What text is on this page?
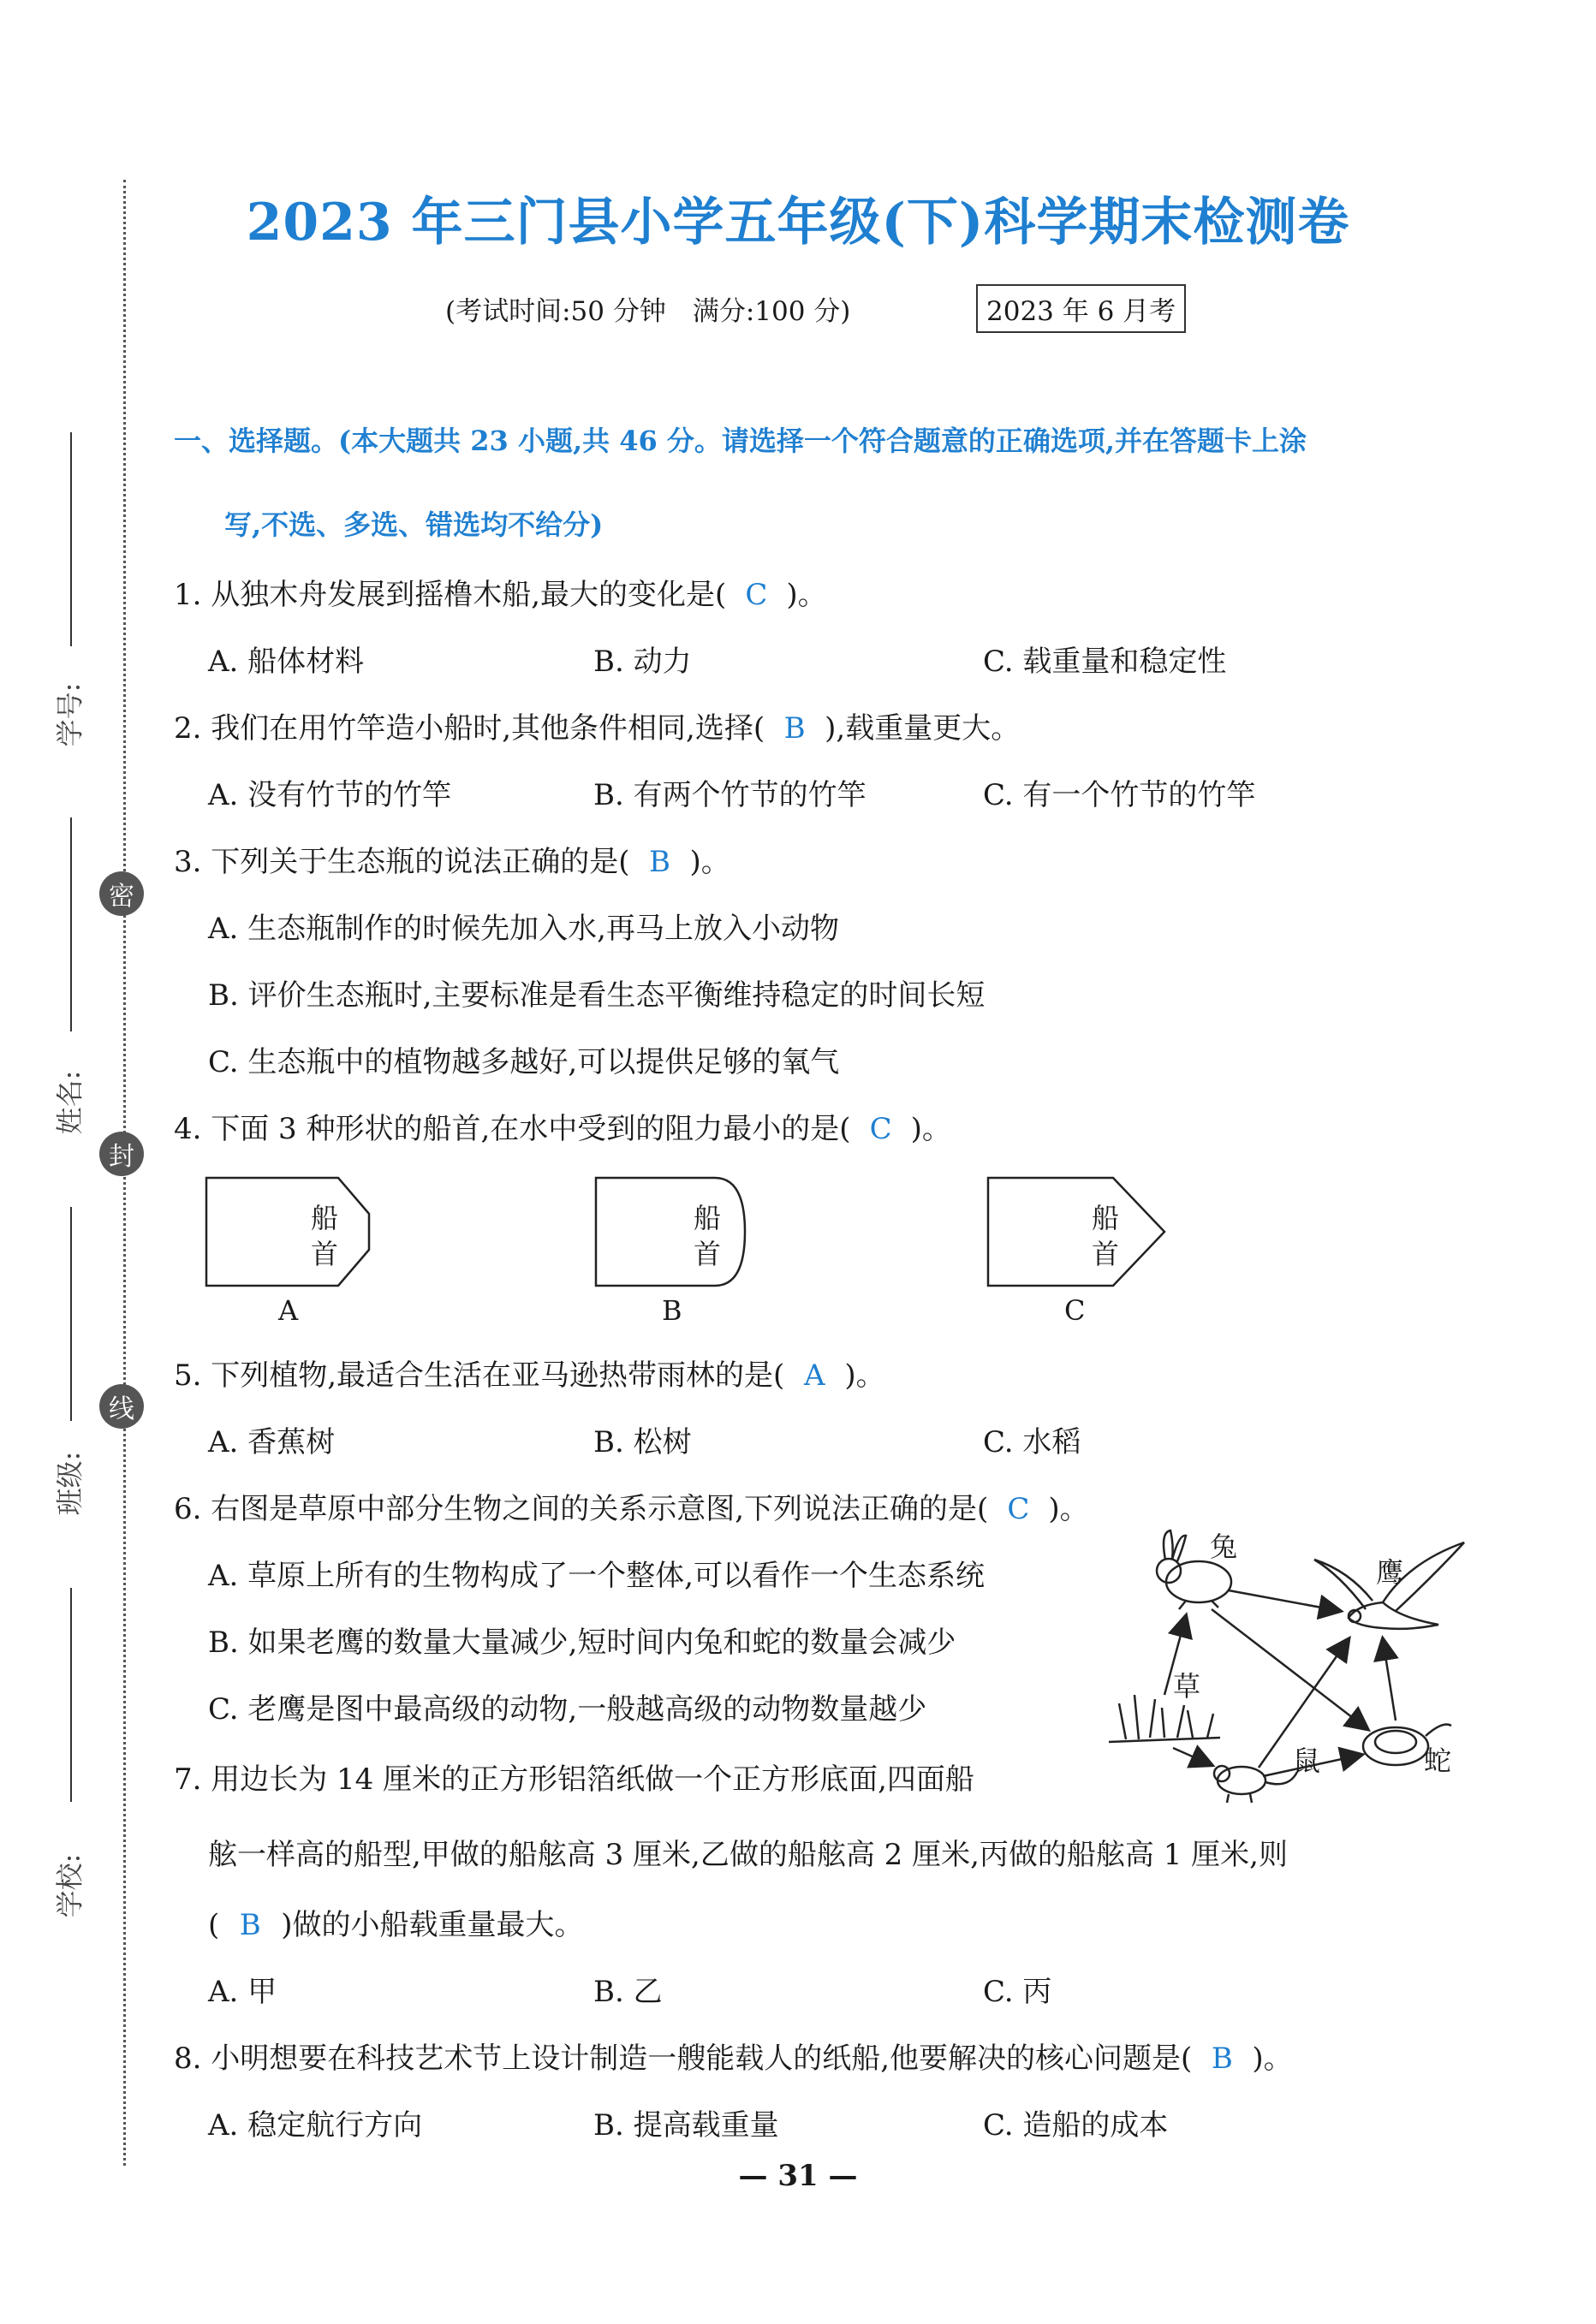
学号:
密
姓名:
封
线
班级:
学校:
2023 年三门县小学五年级(下)科学期末检测卷
(考试时间:50 分钟　满分:100 分)	2023 年 6 月考
一、选择题。(本大题共 23 小题,共 46 分。请选择一个符合题意的正确选项,并在答题卡上涂
写,不选、多选、错选均不给分)
1. 从独木舟发展到摇橹木船,最大的变化是( C )。
A. 船体材料	B. 动力	C. 载重量和稳定性
2. 我们在用竹竿造小船时,其他条件相同,选择( B ),载重量更大。
A. 没有竹节的竹竿	B. 有两个竹节的竹竿	C. 有一个竹节的竹竿
3. 下列关于生态瓶的说法正确的是( B )。
A. 生态瓶制作的时候先加入水,再马上放入小动物
B. 评价生态瓶时,主要标准是看生态平衡维持稳定的时间长短
C. 生态瓶中的植物越多越好,可以提供足够的氧气
4. 下面 3 种形状的船首,在水中受到的阻力最小的是( C )。
船
首
A
船
首
B
船
首
C
5. 下列植物,最适合生活在亚马逊热带雨林的是( A )。
A. 香蕉树	B. 松树	C. 水稻
6. 右图是草原中部分生物之间的关系示意图,下列说法正确的是( C )。
A. 草原上所有的生物构成了一个整体,可以看作一个生态系统
B. 如果老鹰的数量大量减少,短时间内兔和蛇的数量会减少
C. 老鹰是图中最高级的动物,一般越高级的动物数量越少
兔
鹰
草
鼠	蛇
7. 用边长为 14 厘米的正方形铝箔纸做一个正方形底面,四面船
舷一样高的船型,甲做的船舷高 3 厘米,乙做的船舷高 2 厘米,丙做的船舷高 1 厘米,则
( B )做的小船载重量最大。
A. 甲	B. 乙	C. 丙
8. 小明想要在科技艺术节上设计制造一艘能载人的纸船,他要解决的核心问题是( B )。
A. 稳定航行方向	B. 提高载重量	C. 造船的成本
— 31 —
